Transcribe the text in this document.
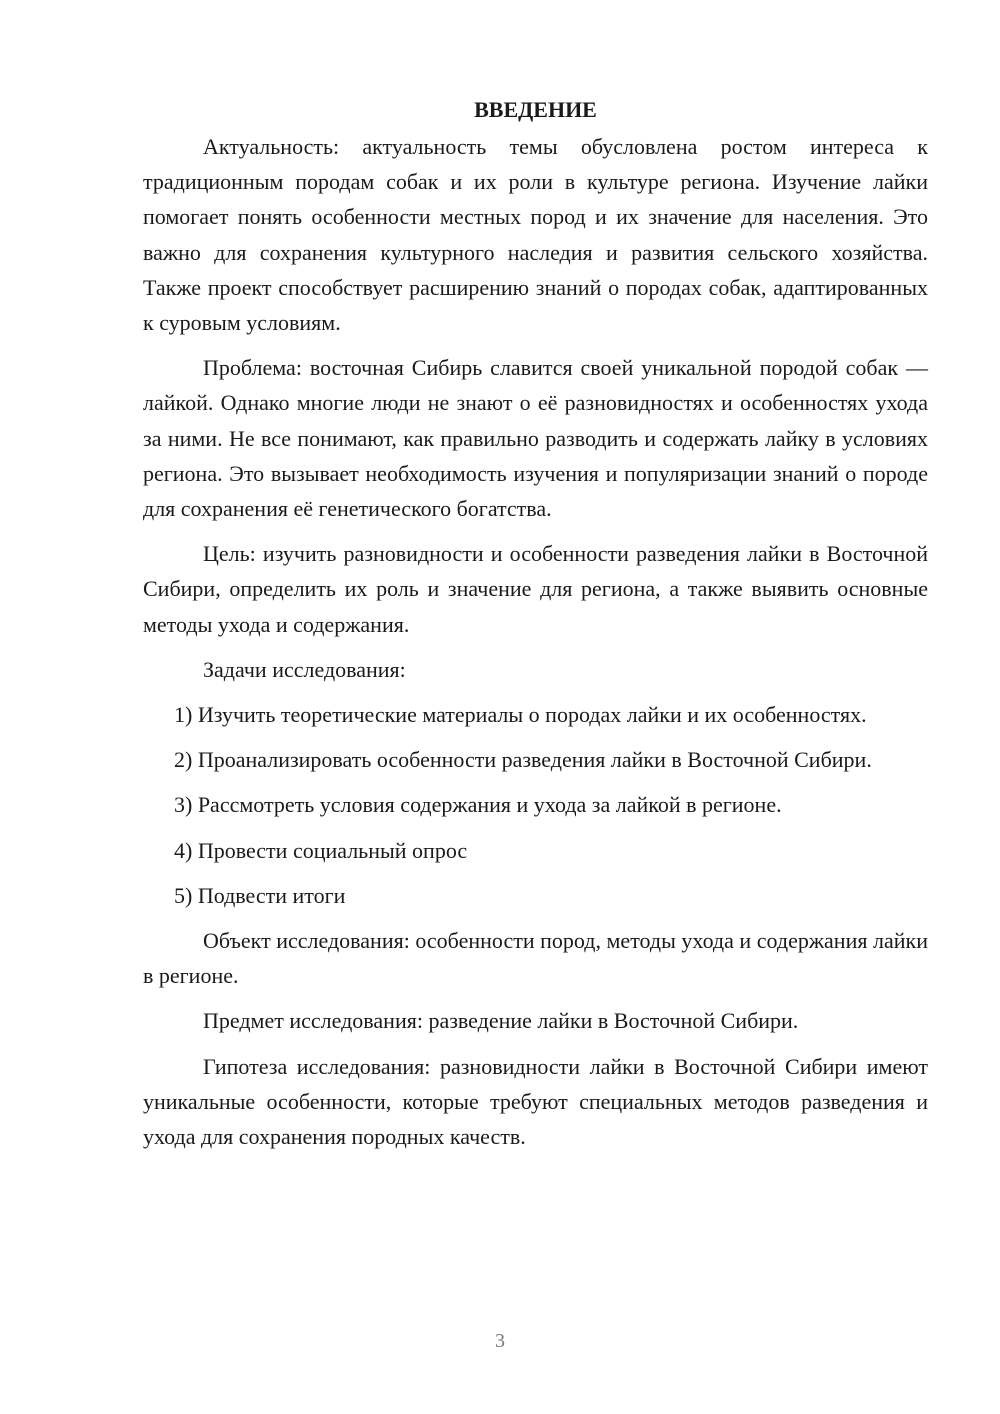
ВВЕДЕНИЕ

Актуальность: актуальность темы обусловлена ростом интереса к традиционным породам собак и их роли в культуре региона. Изучение лайки помогает понять особенности местных пород и их значение для населения. Это важно для сохранения культурного наследия и развития сельского хозяйства. Также проект способствует расширению знаний о породах собак, адаптированных к суровым условиям.

Проблема: восточная Сибирь славится своей уникальной породой собак — лайкой. Однако многие люди не знают о её разновидностях и особенностях ухода за ними. Не все понимают, как правильно разводить и содержать лайку в условиях региона. Это вызывает необходимость изучения и популяризации знаний о породе для сохранения её генетического богатства.

Цель: изучить разновидности и особенности разведения лайки в Восточной Сибири, определить их роль и значение для региона, а также выявить основные методы ухода и содержания.

Задачи исследования:

1) Изучить теоретические материалы о породах лайки и их особенностях.

2) Проанализировать особенности разведения лайки в Восточной Сибири.

3) Рассмотреть условия содержания и ухода за лайкой в регионе.

4) Провести социальный опрос

5) Подвести итоги

Объект исследования: особенности пород, методы ухода и содержания лайки в регионе.

Предмет исследования: разведение лайки в Восточной Сибири.

Гипотеза исследования: разновидности лайки в Восточной Сибири имеют уникальные особенности, которые требуют специальных методов разведения и ухода для сохранения породных качеств.

3
